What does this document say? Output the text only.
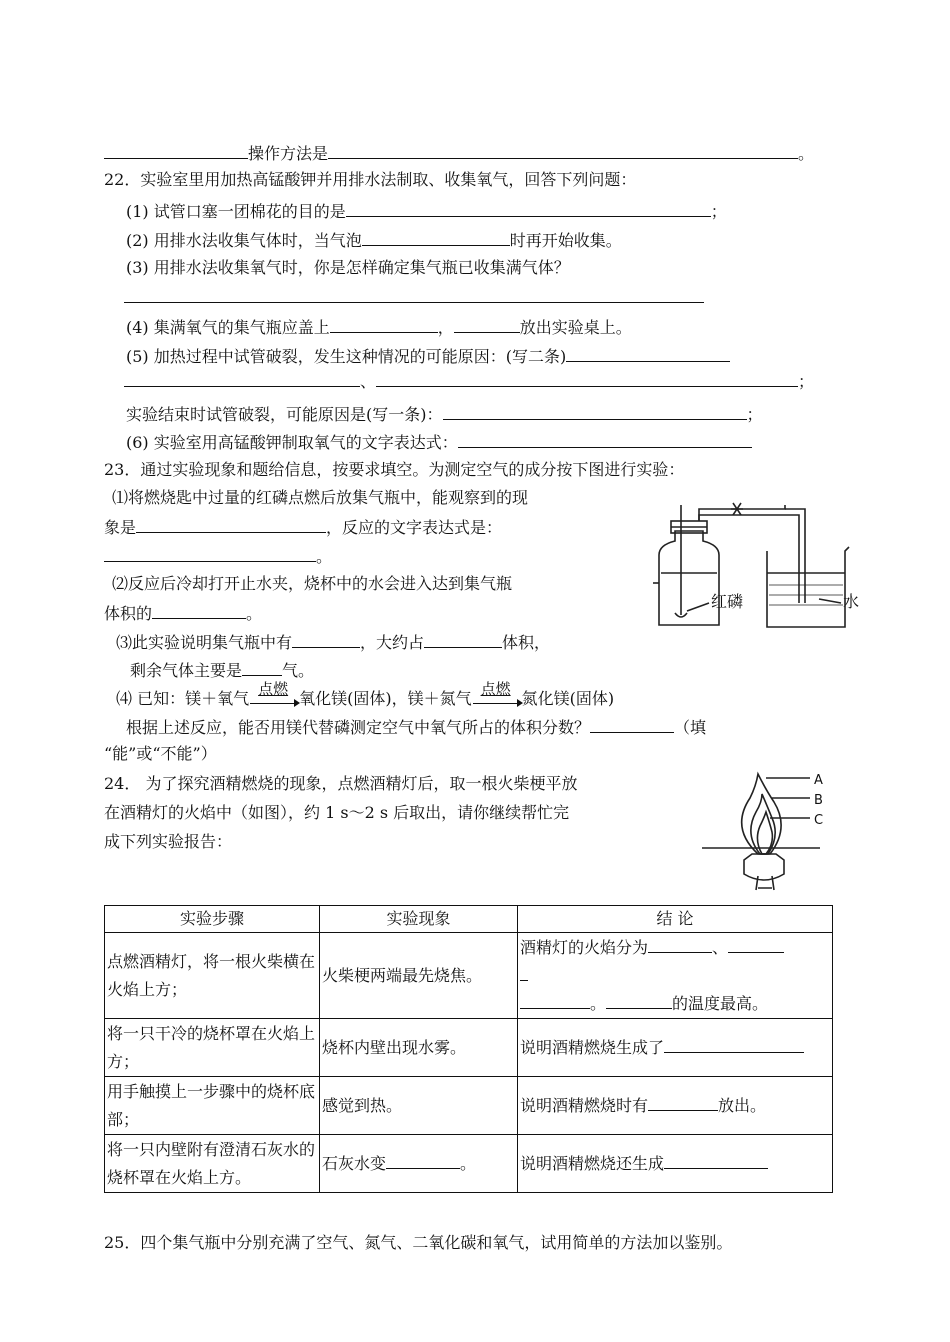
操作方法是	。
22．实验室里用加热高锰酸钾并用排水法制取、收集氧气，回答下列问题：
(1) 试管口塞一团棉花的目的是	；
(2) 用排水法收集气体时，当气泡	时再开始收集。
(3) 用排水法收集氧气时，你是怎样确定集气瓶已收集满气体？
(4) 集满氧气的集气瓶应盖上	，	放出实验桌上。
(5) 加热过程中试管破裂，发生这种情况的可能原因：(写二条)
、	；
实验结束时试管破裂，可能原因是(写一条)：	；
(6) 实验室用高锰酸钾制取氧气的文字表达式：
23．通过实验现象和题给信息，按要求填空。为测定空气的成分按下图进行实验：
⑴将燃烧匙中过量的红磷点燃后放集气瓶中，能观察到的现
象是	，反应的文字表达式是：
。
⑵反应后冷却打开止水夹，烧杯中的水会进入达到集气瓶
体积的	。
⑶此实验说明集气瓶中有	，大约占	体积，
剩余气体主要是	气。
⑷ 已知：镁＋氧气 点燃 氧化镁(固体)，镁＋氮气 点燃 氮化镁(固体)
根据上述反应，能否用镁代替磷测定空气中氧气所占的体积分数？	（填
“能”或“不能”）
红磷	水
24． 为了探究酒精燃烧的现象，点燃酒精灯后，取一根火柴梗平放
在酒精灯的火焰中（如图），约 1 s～2 s 后取出，请你继续帮忙完
成下列实验报告：
A
B
C
实验步骤	实验现象	结 论
点燃酒精灯，将一根火柴横在火焰上方；	火柴梗两端最先烧焦。	酒精灯的火焰分为 、

。 的温度最高。
将一只干冷的烧杯罩在火焰上方；	烧杯内壁出现水雾。	说明酒精燃烧生成了
用手触摸上一步骤中的烧杯底部；	感觉到热。	说明酒精燃烧时有 放出。
将一只内壁附有澄清石灰水的烧杯罩在火焰上方。	石灰水变 。	说明酒精燃烧还生成
25．四个集气瓶中分别充满了空气、氮气、二氧化碳和氧气，试用简单的方法加以鉴别。
